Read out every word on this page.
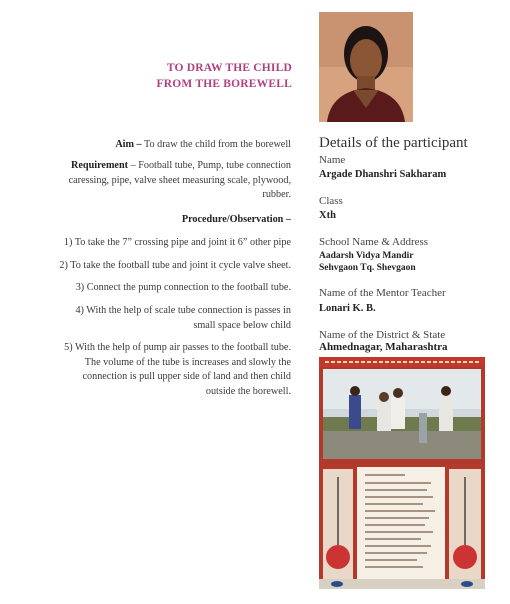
TO DRAW THE CHILD
FROM THE BOREWELL
Aim – To draw the child from the borewell
Requirement – Football tube, Pump, tube connection
caressing, pipe, valve sheet measuring scale, plywood,
rubber.
Procedure/Observation –
1) To take the 7” crossing pipe and joint it 6” other pipe
2) To take the football tube and joint it cycle valve sheet.
3) Connect the pump connection to the football tube.
4) With the help of scale tube connection is passes in
small space below child
5) With the help of pump air passes to the football tube.
The volume of the tube is increases and slowly the
connection is pull upper side of land and then child
outside the borewell.
Details of the participant
Name
Argade Dhanshri Sakharam
Class
Xth
School Name & Address
Aadarsh Vidya Mandir
Sehvgaon Tq. Shevgaon
Name of the Mentor Teacher
Lonari K. B.
Name of the District & State
Ahmednagar, Maharashtra
